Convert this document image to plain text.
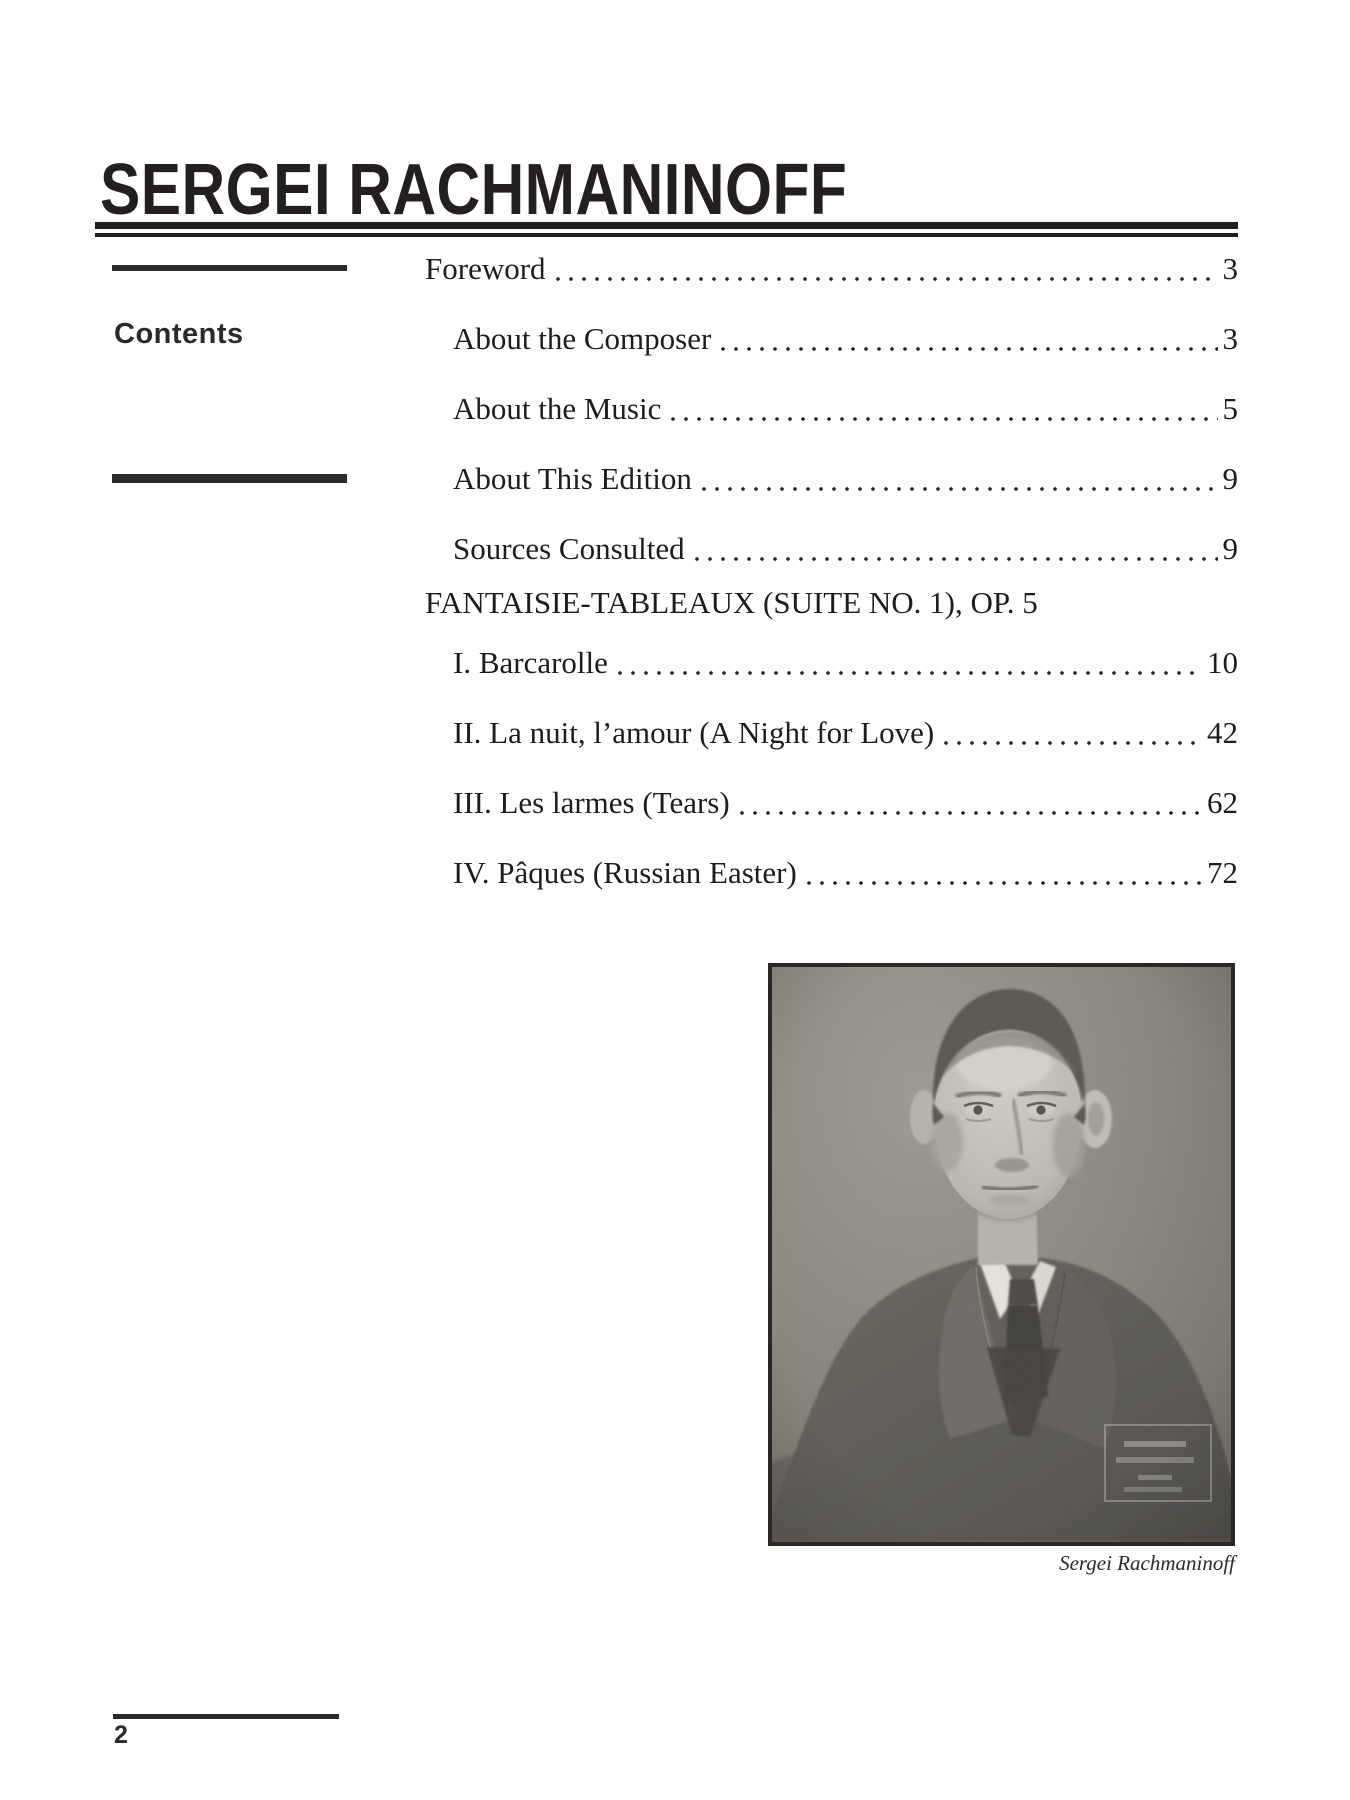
SERGEI RACHMANINOFF
Contents
Foreword	3
About the Composer	3
About the Music	5
About This Edition	9
Sources Consulted	9
FANTAISIE-TABLEAUX (SUITE NO. 1), OP. 5
I. Barcarolle	10
II. La nuit, l’amour (A Night for Love)	42
III. Les larmes (Tears)	62
IV. Pâques (Russian Easter)	72
Sergei Rachmaninoff
2
